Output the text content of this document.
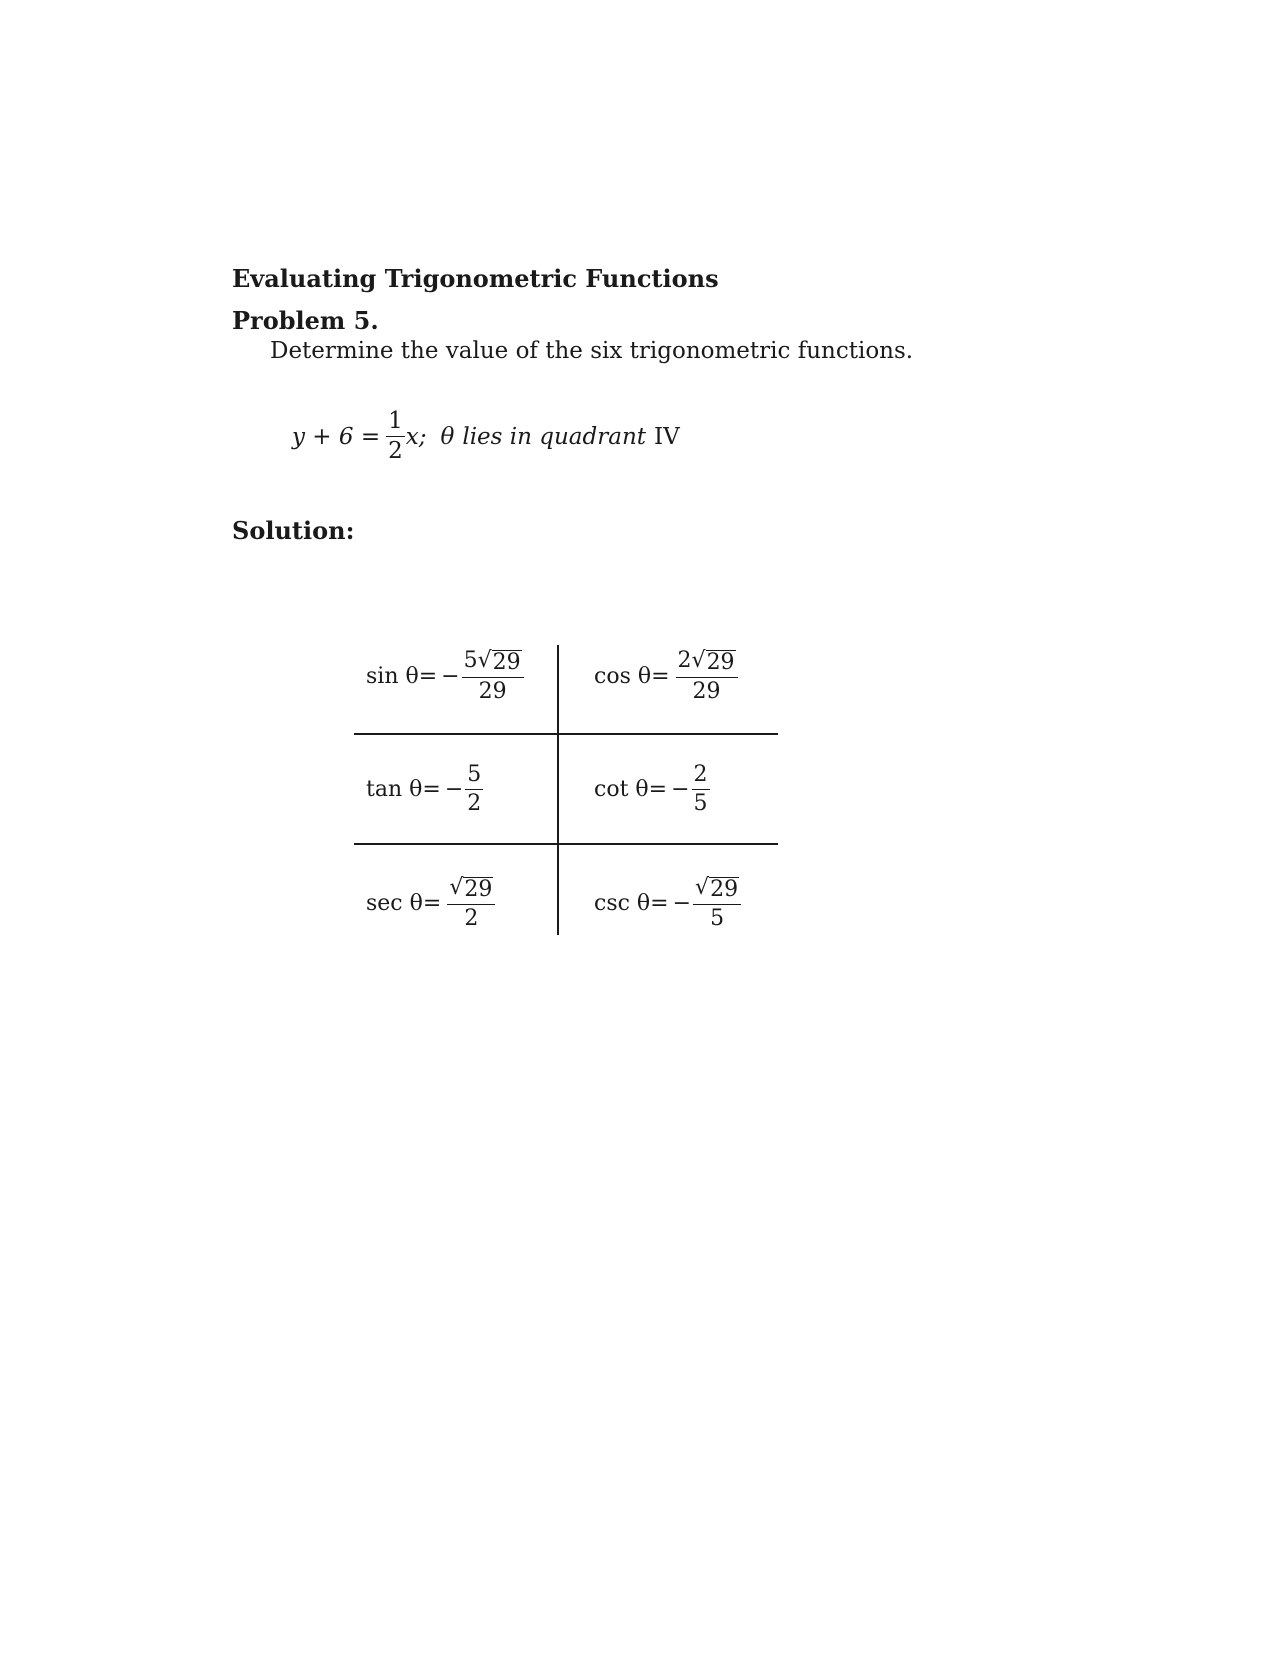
Evaluating Trigonometric Functions
Problem 5.

Determine the value of the six trigonometric functions.

$y + 6 = \frac{1}{2} x$; θ lies in quadrant IV
Solution:
$\sin \theta= - \frac{5 √ 29}{29}$	$\cos \theta= \frac{2 √ 29}{29}$
$\tan \theta= - \frac{5}{2}$	$\cot \theta= - \frac{2}{5}$
$\sec \theta= \frac{√ 29}{2}$	$\csc \theta= - \frac{√ 29}{5}$
